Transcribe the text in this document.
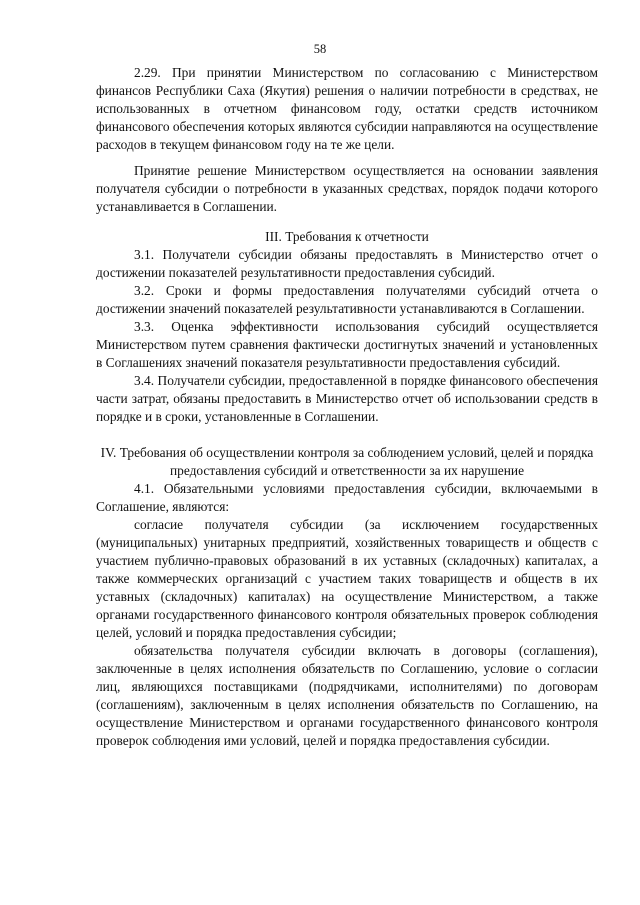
58

2.29. При принятии Министерством по согласованию с Министерством финансов Республики Саха (Якутия) решения о наличии потребности в средствах, не использованных в отчетном финансовом году, остатки средств источником финансового обеспечения которых являются субсидии направляются на осуществление расходов в текущем финансовом году на те же цели.

Принятие решение Министерством осуществляется на основании заявления получателя субсидии о потребности в указанных средствах, порядок подачи которого устанавливается в Соглашении.

III. Требования к отчетности

3.1. Получатели субсидии обязаны предоставлять в Министерство отчет о достижении показателей результативности предоставления субсидий.

3.2. Сроки и формы предоставления получателями субсидий отчета о достижении значений показателей результативности устанавливаются в Соглашении.

3.3. Оценка эффективности использования субсидий осуществляется Министерством путем сравнения фактически достигнутых значений и установленных в Соглашениях значений показателя результативности предоставления субсидий.

3.4. Получатели субсидии, предоставленной в порядке финансового обеспечения части затрат, обязаны предоставить в Министерство отчет об использовании средств в порядке и в сроки, установленные в Соглашении.

IV. Требования об осуществлении контроля за соблюдением условий, целей и порядка предоставления субсидий и ответственности за их нарушение

4.1. Обязательными условиями предоставления субсидии, включаемыми в Соглашение, являются:

согласие получателя субсидии (за исключением государственных (муниципальных) унитарных предприятий, хозяйственных товариществ и обществ с участием публично-правовых образований в их уставных (складочных) капиталах, а также коммерческих организаций с участием таких товариществ и обществ в их уставных (складочных) капиталах) на осуществление Министерством, а также органами государственного финансового контроля обязательных проверок соблюдения целей, условий и порядка предоставления субсидии;

обязательства получателя субсидии включать в договоры (соглашения), заключенные в целях исполнения обязательств по Соглашению, условие о согласии лиц, являющихся поставщиками (подрядчиками, исполнителями) по договорам (соглашениям), заключенным в целях исполнения обязательств по Соглашению, на осуществление Министерством и органами государственного финансового контроля проверок соблюдения ими условий, целей и порядка предоставления субсидии.
